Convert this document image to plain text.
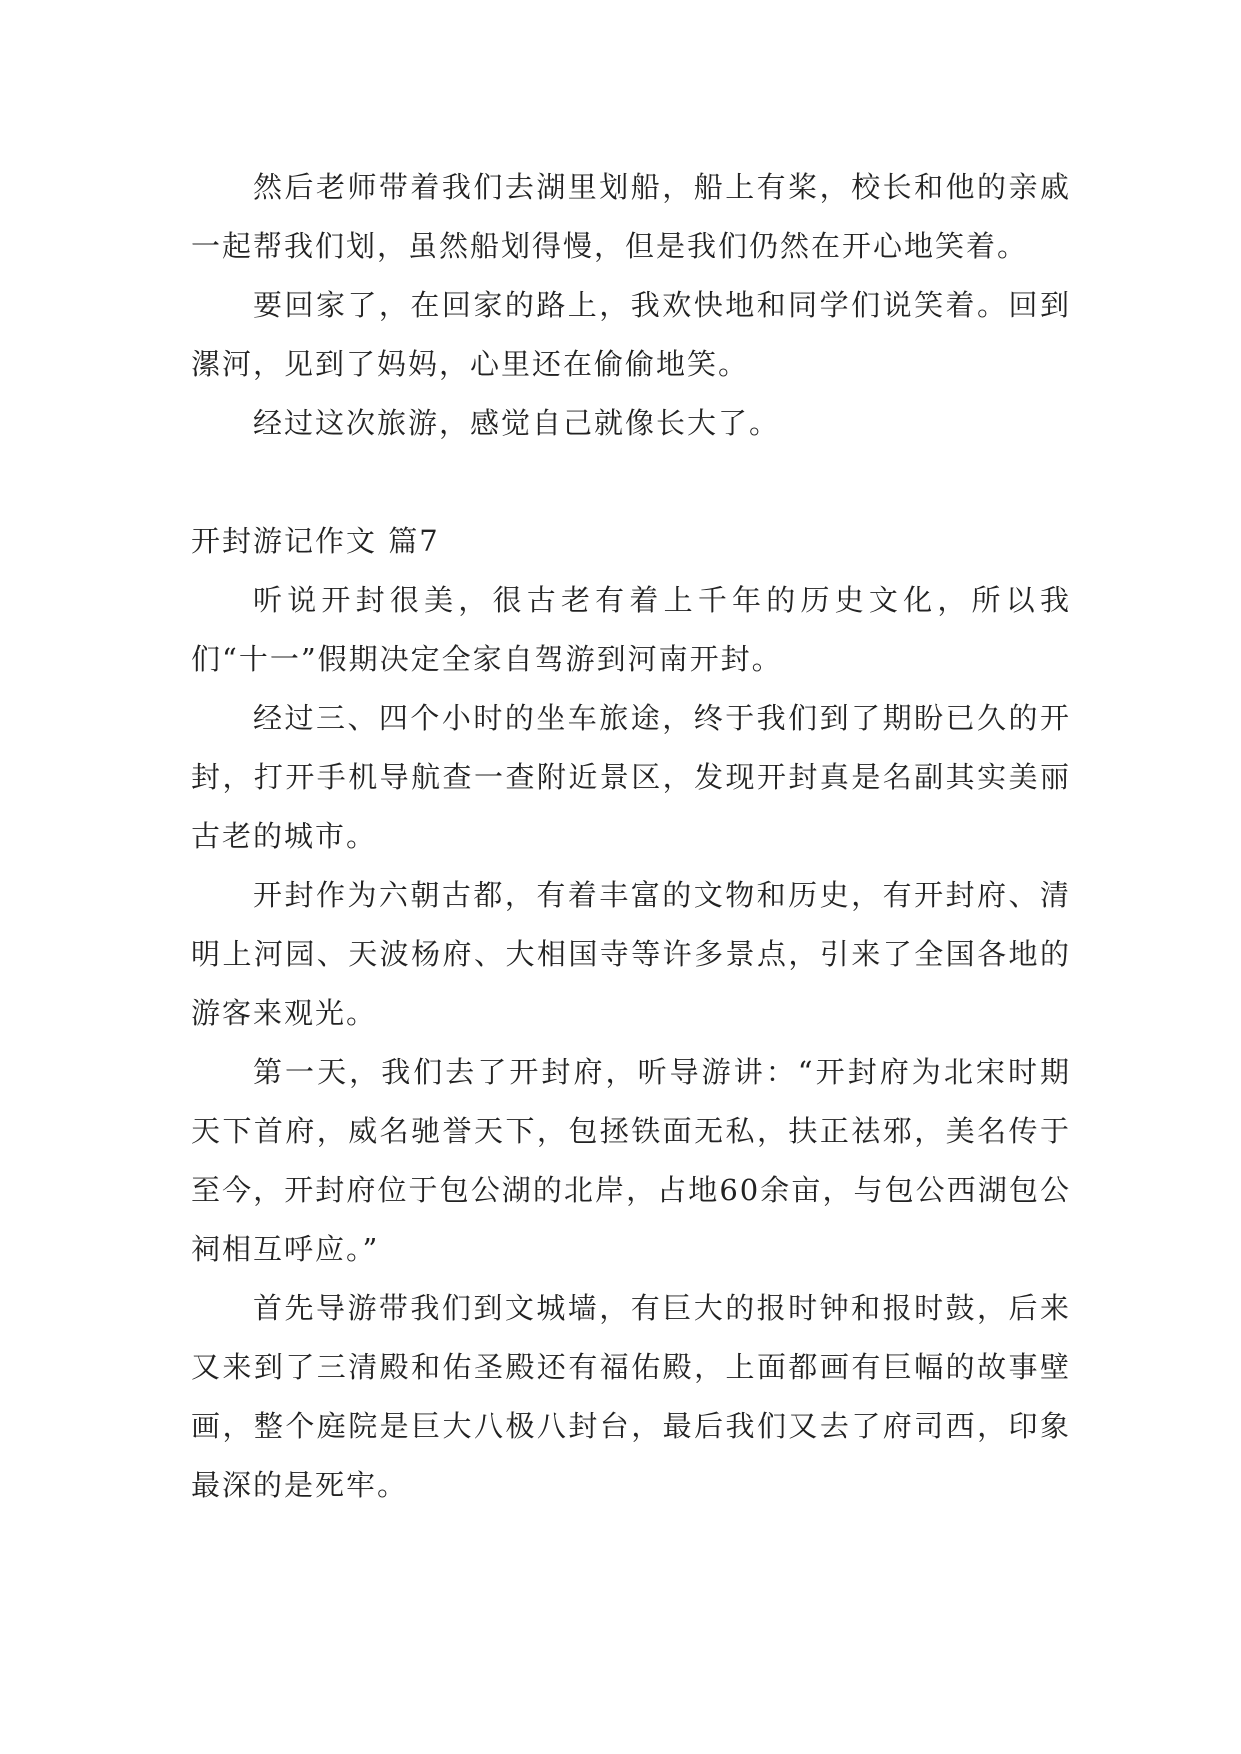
然后老师带着我们去湖里划船，船上有桨，校长和他的亲戚一起帮我们划，虽然船划得慢，但是我们仍然在开心地笑着。

要回家了，在回家的路上，我欢快地和同学们说笑着。回到漯河，见到了妈妈，心里还在偷偷地笑。

经过这次旅游，感觉自己就像长大了。

开封游记作文 篇7

听说开封很美，很古老有着上千年的历史文化，所以我们“十一”假期决定全家自驾游到河南开封。

经过三、四个小时的坐车旅途，终于我们到了期盼已久的开封，打开手机导航查一查附近景区，发现开封真是名副其实美丽古老的城市。

开封作为六朝古都，有着丰富的文物和历史，有开封府、清明上河园、天波杨府、大相国寺等许多景点，引来了全国各地的游客来观光。

第一天，我们去了开封府，听导游讲：“开封府为北宋时期天下首府，威名驰誉天下，包拯铁面无私，扶正祛邪，美名传于至今，开封府位于包公湖的北岸，占地60余亩，与包公西湖包公祠相互呼应。”

首先导游带我们到文城墙，有巨大的报时钟和报时鼓，后来又来到了三清殿和佑圣殿还有福佑殿，上面都画有巨幅的故事壁画，整个庭院是巨大八极八封台，最后我们又去了府司西，印象最深的是死牢。
